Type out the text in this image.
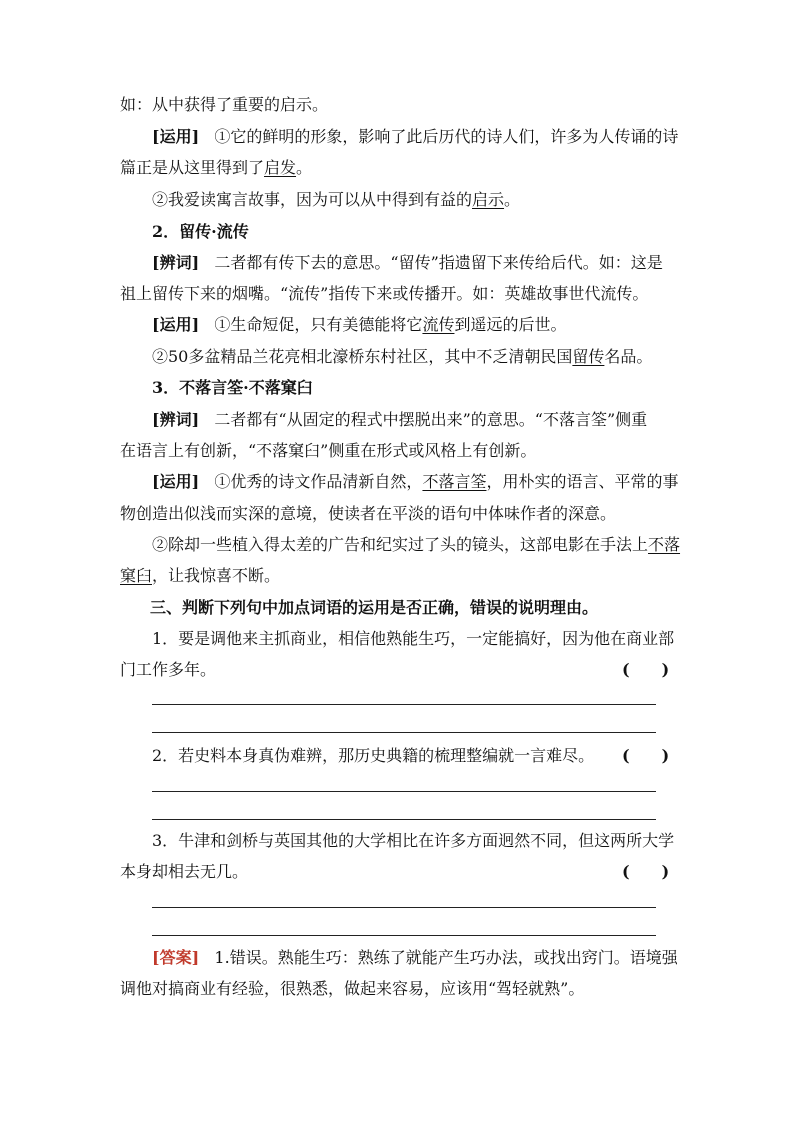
如：从中获得了重要的启示。
[运用] ①它的鲜明的形象，影响了此后历代的诗人们，许多为人传诵的诗
篇正是从这里得到了启发。
②我爱读寓言故事，因为可以从中得到有益的启示。
2．留传·流传
[辨词] 二者都有传下去的意思。“留传”指遗留下来传给后代。如：这是
祖上留传下来的烟嘴。“流传”指传下来或传播开。如：英雄故事世代流传。
[运用] ①生命短促，只有美德能将它流传到遥远的后世。
②50多盆精品兰花亮相北濠桥东村社区，其中不乏清朝民国留传名品。
3．不落言筌·不落窠臼
[辨词] 二者都有“从固定的程式中摆脱出来”的意思。“不落言筌”侧重
在语言上有创新，“不落窠臼”侧重在形式或风格上有创新。
[运用] ①优秀的诗文作品清新自然，不落言筌，用朴实的语言、平常的事
物创造出似浅而实深的意境，使读者在平淡的语句中体味作者的深意。
②除却一些植入得太差的广告和纪实过了头的镜头，这部电影在手法上不落
窠臼，让我惊喜不断。
三、判断下列句中加点词语的运用是否正确，错误的说明理由。
1．要是调他来主抓商业，相信他熟能生巧，一定能搞好，因为他在商业部
门工作多年。	(　　)
2．若史料本身真伪难辨，那历史典籍的梳理整编就一言难尽。	(　　)
3．牛津和剑桥与英国其他的大学相比在许多方面迥然不同，但这两所大学
本身却相去无几。	(　　)
[答案] 1.错误。熟能生巧：熟练了就能产生巧办法，或找出窍门。语境强
调他对搞商业有经验，很熟悉，做起来容易，应该用“驾轻就熟”。
